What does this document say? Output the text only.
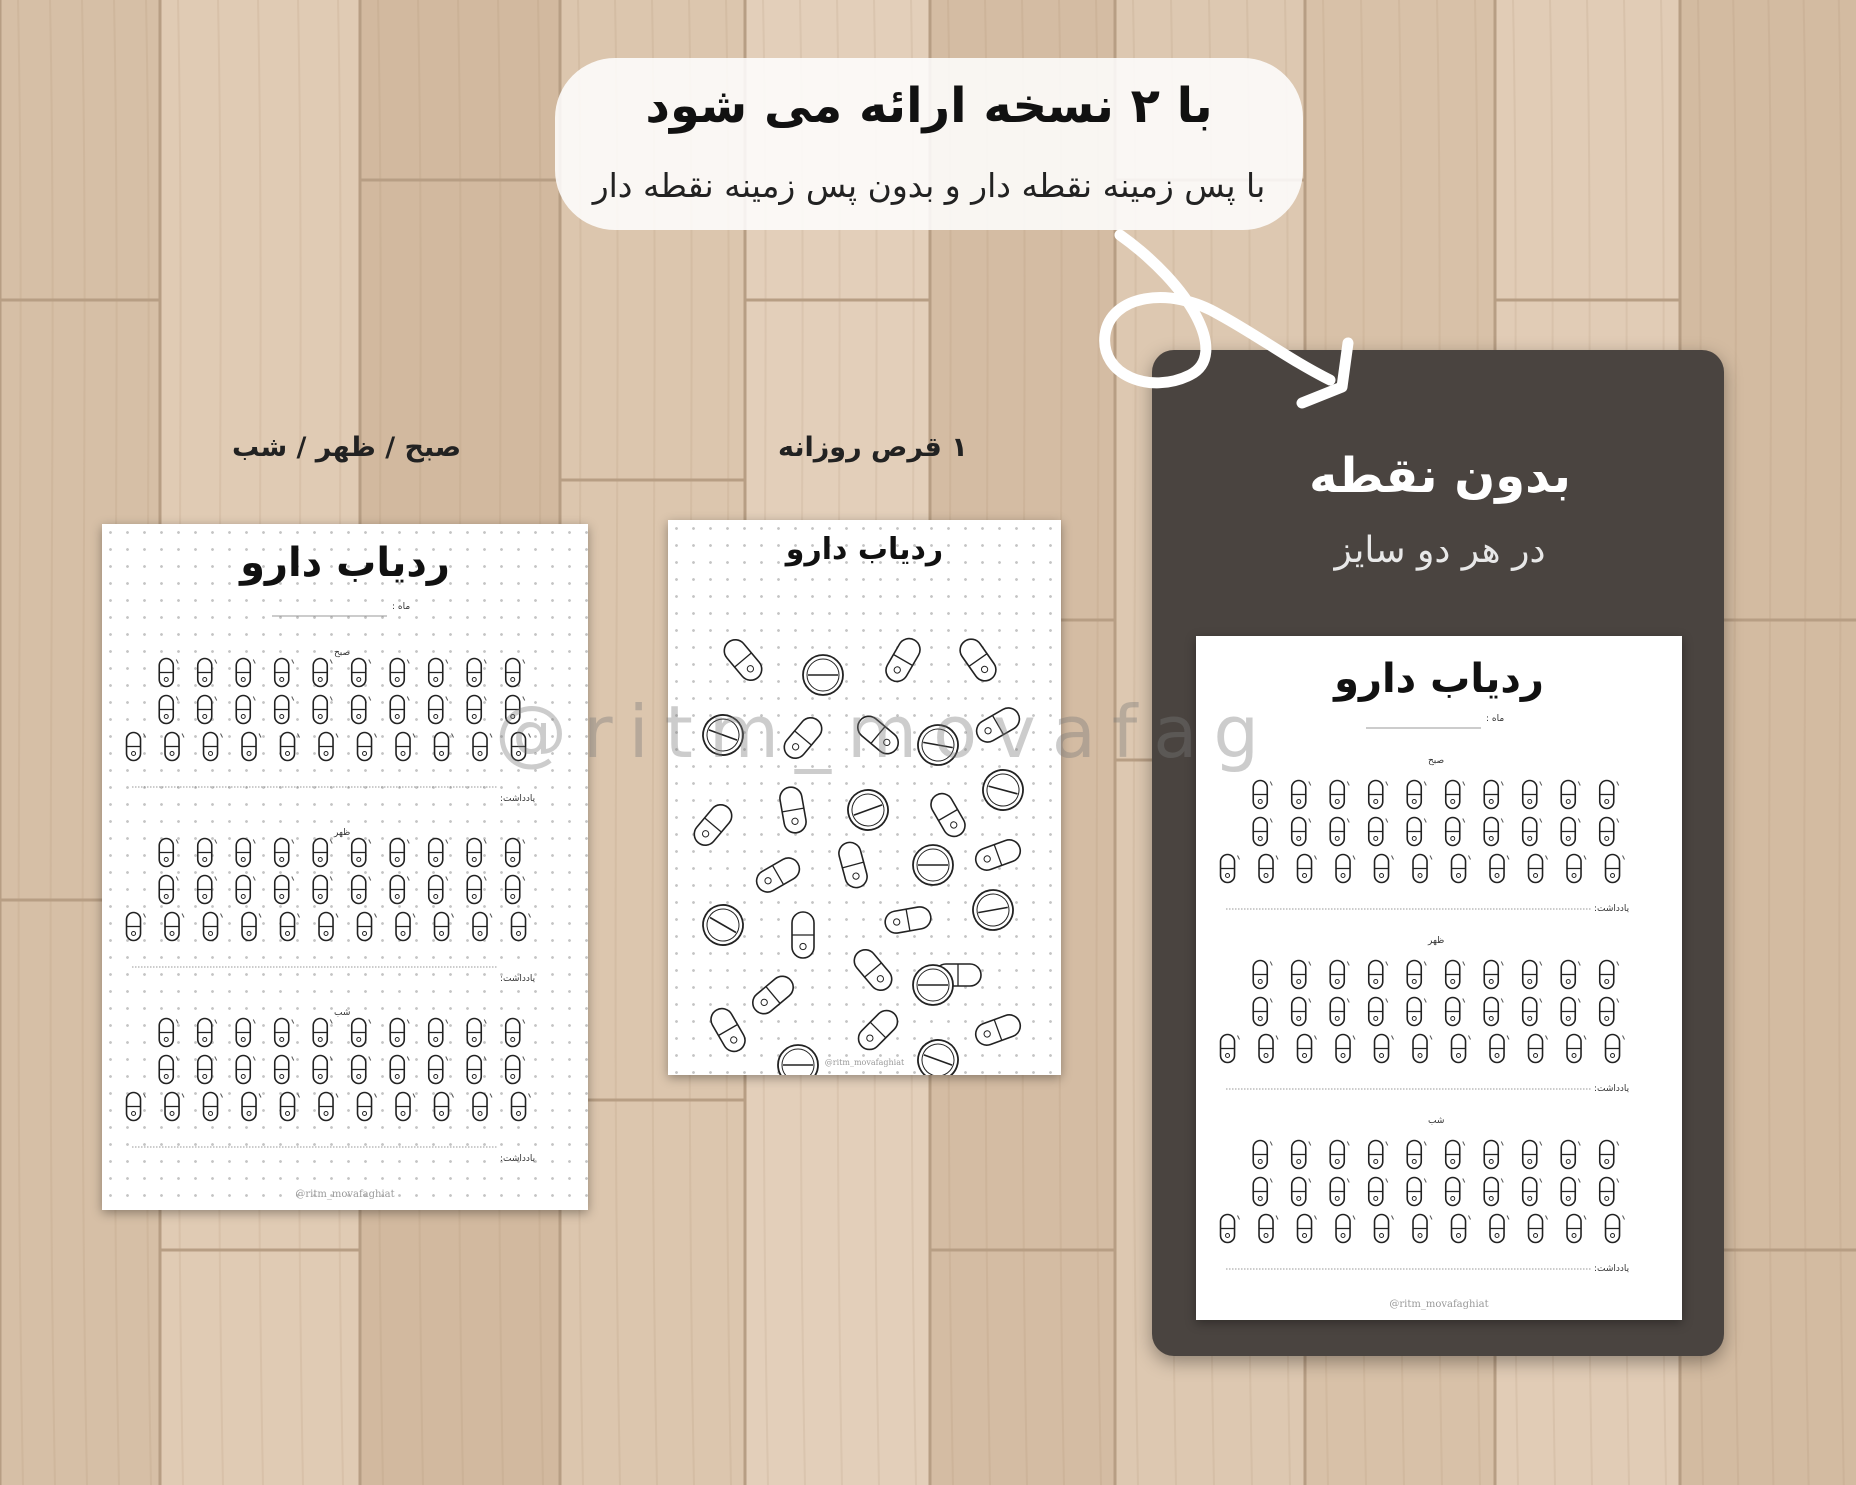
با ۲ نسخه ارائه می شود
با پس زمینه نقطه دار و بدون پس زمینه نقطه دار
بدون نقطه
در هر دو سایز
صبح / ظهر / شب	۱ قرص روزانه
ردیاب دارو
ماه :
صبح
ظهر
شب
یادداشت:
یادداشت:
یادداشت:
@ritm_movafaghiat
ردیاب دارو
@ritm_movafaghiat
ردیاب دارو
ماه :
صبح
ظهر
شب
یادداشت:
یادداشت:
یادداشت:
@ritm_movafaghiat
@ritm_movafag
